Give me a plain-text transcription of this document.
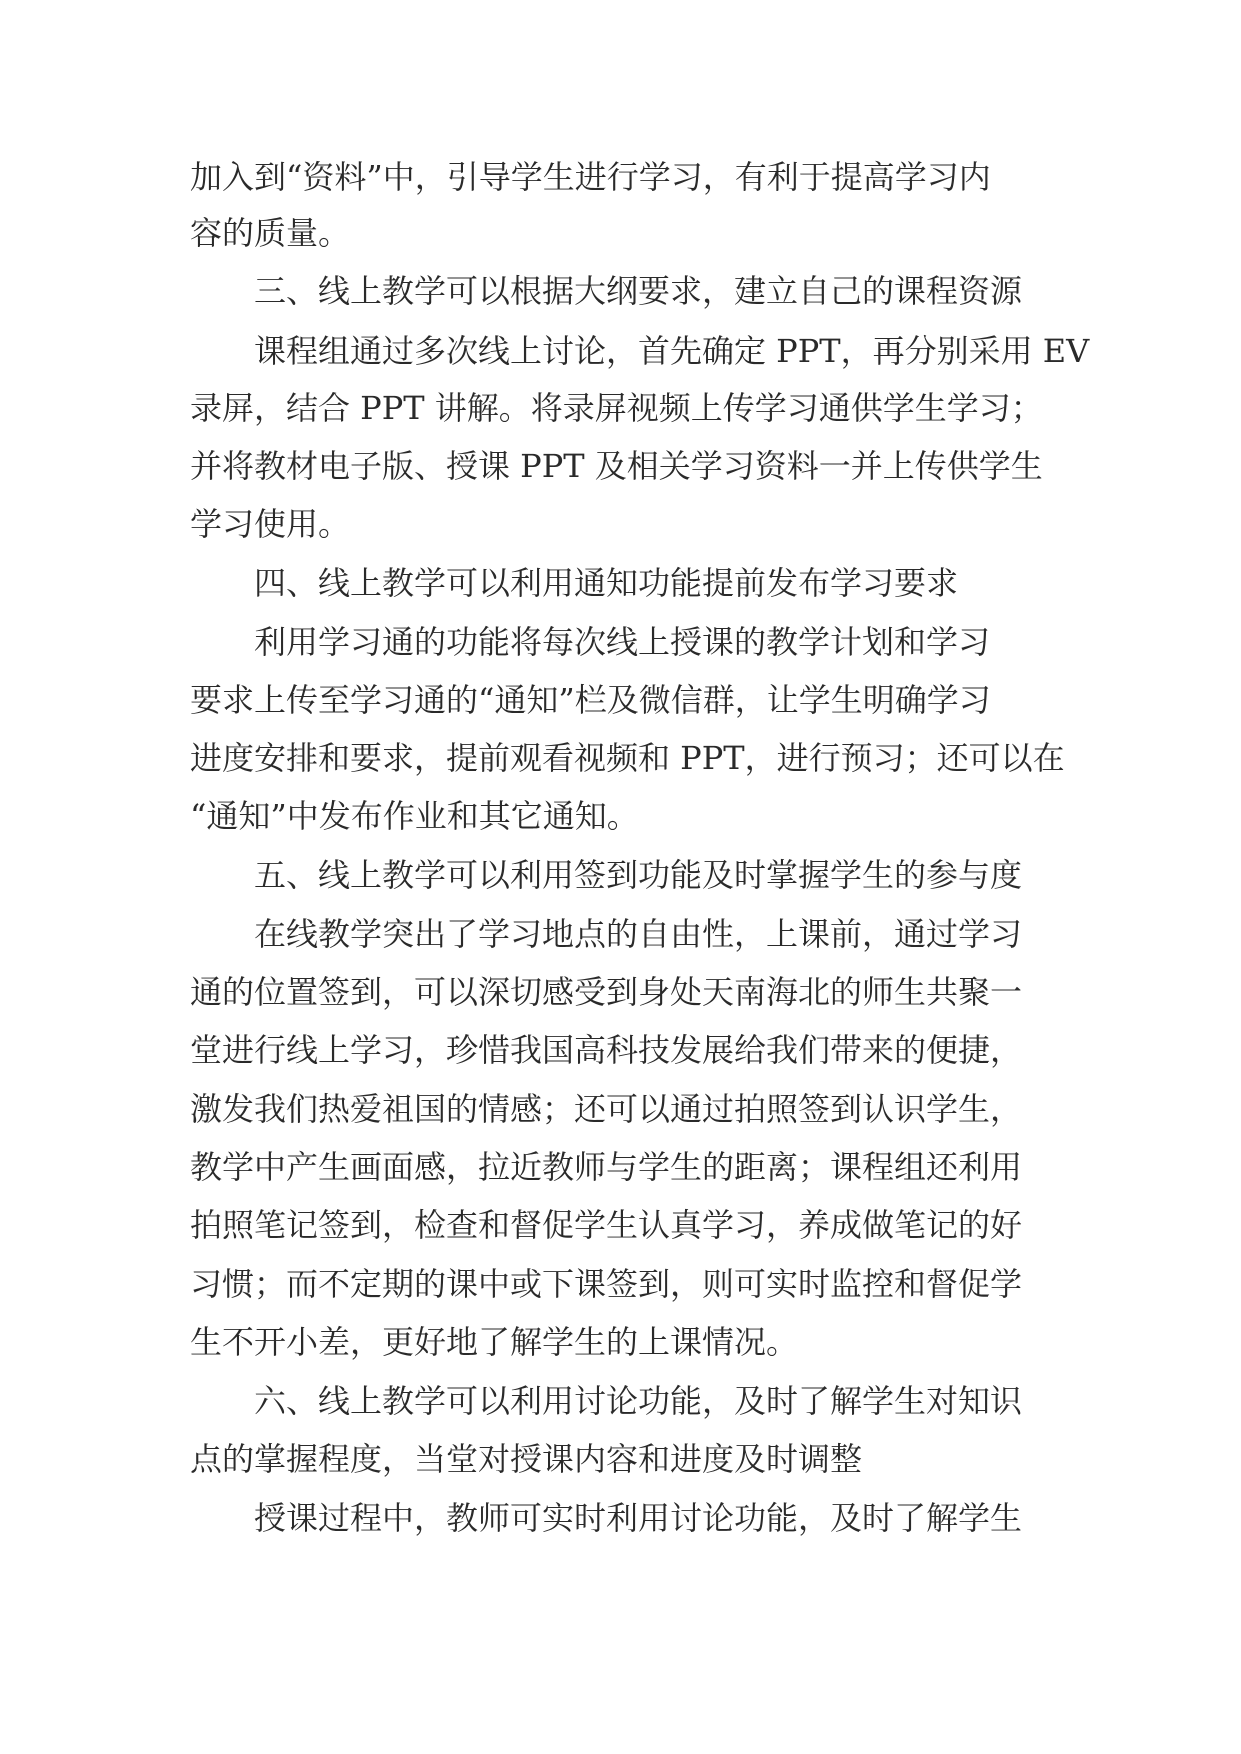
加入到“资料”中，引导学生进行学习，有利于提高学习内
容的质量。
三、线上教学可以根据大纲要求，建立自己的课程资源
课程组通过多次线上讨论，首先确定 PPT，再分别采用 EV
录屏，结合 PPT 讲解。将录屏视频上传学习通供学生学习；
并将教材电子版、授课 PPT 及相关学习资料一并上传供学生
学习使用。
四、线上教学可以利用通知功能提前发布学习要求
利用学习通的功能将每次线上授课的教学计划和学习
要求上传至学习通的“通知”栏及微信群，让学生明确学习
进度安排和要求，提前观看视频和 PPT，进行预习；还可以在
“通知”中发布作业和其它通知。
五、线上教学可以利用签到功能及时掌握学生的参与度
在线教学突出了学习地点的自由性，上课前，通过学习
通的位置签到，可以深切感受到身处天南海北的师生共聚一
堂进行线上学习，珍惜我国高科技发展给我们带来的便捷，
激发我们热爱祖国的情感；还可以通过拍照签到认识学生，
教学中产生画面感，拉近教师与学生的距离；课程组还利用
拍照笔记签到，检查和督促学生认真学习，养成做笔记的好
习惯；而不定期的课中或下课签到，则可实时监控和督促学
生不开小差，更好地了解学生的上课情况。
六、线上教学可以利用讨论功能，及时了解学生对知识
点的掌握程度，当堂对授课内容和进度及时调整
授课过程中，教师可实时利用讨论功能，及时了解学生
